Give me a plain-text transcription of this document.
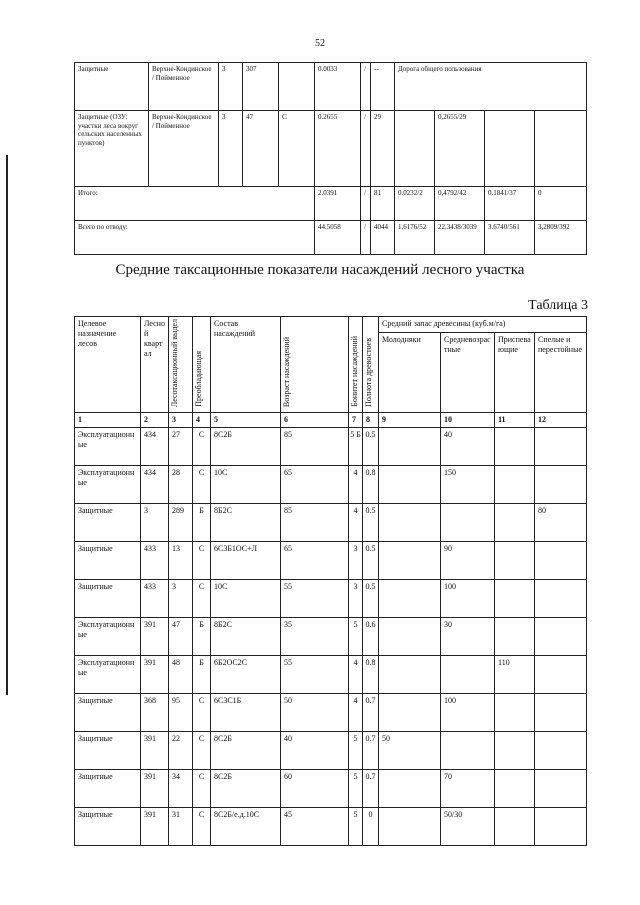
52
Защитные	Верхне-Кондинское / Пойменное	3	307		0.0033	/	--	Дорога общего пользования			
Защитные (ОЗУ: участки леса вокруг сельских населенных пунктов)	Верхне-Кондинское / Пойменное	3	47	С	0.2655	/	29		0,2655/29		
Итого:					2.0391	/	81	0.0232/2	0,4792/42	0.1841/37	0
Всего по отводу:					44.5058	/	4044	1,6176/52	22,3438/3039	3.6740/561	3,2809/392
Средние таксационные показатели насаждений лесного участка
Таблица 3
Целевое назначение лесов	Лесной квартал	Лесотаксационный выдел	Преобладающая	Состав насаждений	Возраст насаждений	Бонитет насаждений	Полнота древостоев	Средний запас древесины (куб.м/га)			
								Молодняки	Средневозрастные	Приспевающие	Спелые и перестойные
1	2	3	4	5	6	7	8	9	10	11	12
Эксплуатационные	434	27	С	8С2Б	85	5 Б	0.5		40		
Эксплуатационные	434	28	С	10С	65	4	0.8		150		
Защитные	3	289	Б	8Б2С	85	4	0.5				80
Защитные	433	13	С	6С3Б1ОС+Л	65	3	0.5		90		
Защитные	433	3	С	10С	55	3	0.5		100		
Эксплуатационные	391	47	Б	8Б2С	35	5	0.6		30		
Эксплуатационные	391	48	Б	6Б2ОС2С	55	4	0.8			110	
Защитные	368	95	С	6С3С1Б	50	4	0.7		100		
Защитные	391	22	С	8С2Б	40	5	0.7	50			
Защитные	391	34	С	8С2Б	60	5	0.7		70		
Защитные	391	31	С	8С2Б/е.д.10С	45	5	0		50/30		
